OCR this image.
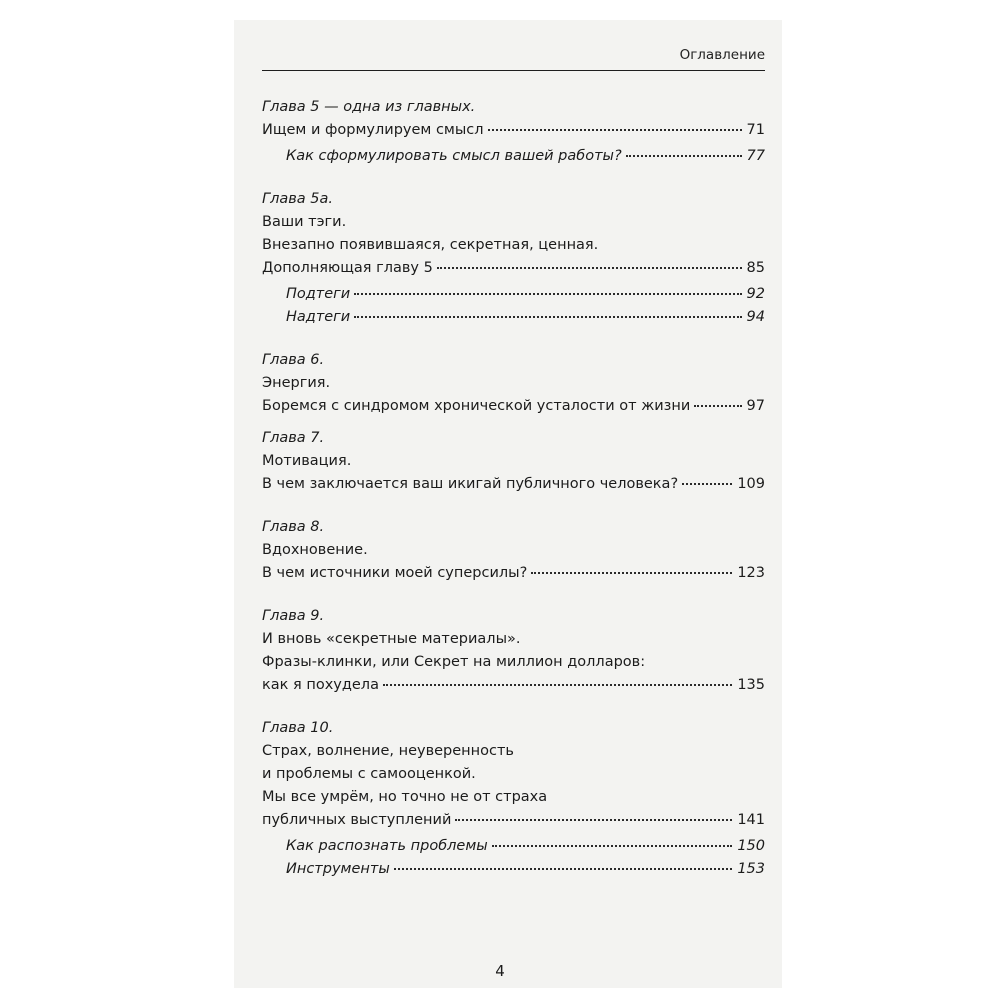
Оглавление
Глава 5 — одна из главных.
Ищем и формулируем смысл	71
Как сформулировать смысл вашей работы?	77
Глава 5а.
Ваши тэги.
Внезапно появившаяся, секретная, ценная.
Дополняющая главу 5	85
Подтеги	92
Надтеги	94
Глава 6.
Энергия.
Боремся с синдромом хронической усталости от жизни	97
Глава 7.
Мотивация.
В чем заключается ваш икигай публичного человека?	109
Глава 8.
Вдохновение.
В чем источники моей суперсилы?	123
Глава 9.
И вновь «секретные материалы».
Фразы-клинки, или Секрет на миллион долларов:
как я похудела	135
Глава 10.
Страх, волнение, неуверенность
и проблемы с самооценкой.
Мы все умрём, но точно не от страха
публичных выступлений	141
Как распознать проблемы	150
Инструменты	153
4
